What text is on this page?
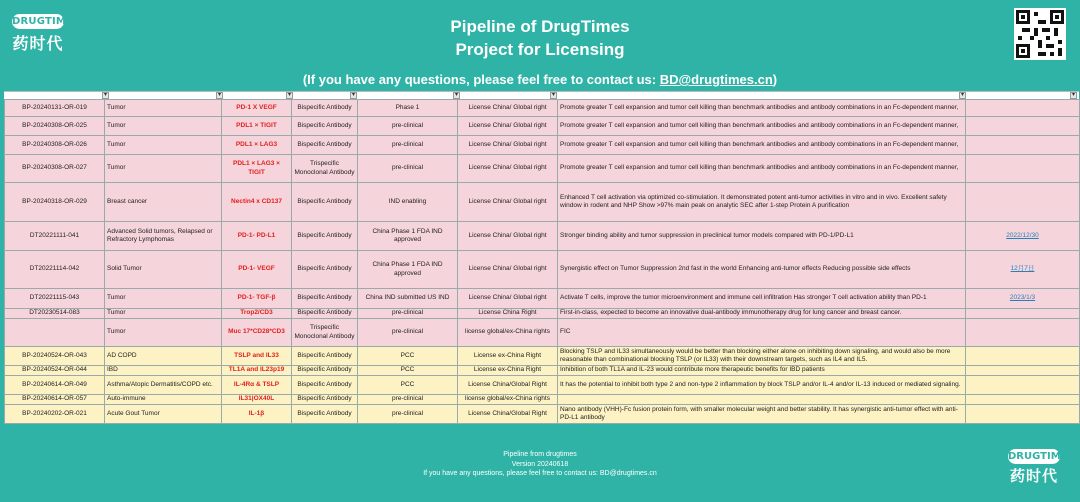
DRUGTIMES
药时代
Pipeline of DrugTimes
Project for Licensing
(If you have any questions, please feel free to contact us: BD@drugtimes.cn)
▾	▾	▾	▾	▾	▾	▾	▾
BP-20240131-OR-019	Tumor	PD-1 X VEGF	Bispecific Antibody	Phase 1	License China/ Global right	Promote greater T cell expansion and tumor cell killing than benchmark antibodies and antibody combinations in an Fc-dependent manner,	
BP-20240308-OR-025	Tumor	PDL1 × TIGIT	Bispecific Antibody	pre-clinical	License China/ Global right	Promote greater T cell expansion and tumor cell killing than benchmark antibodies and antibody combinations in an Fc-dependent manner,	
BP-20240308-OR-026	Tumor	PDL1 × LAG3	Bispecific Antibody	pre-clinical	License China/ Global right	Promote greater T cell expansion and tumor cell killing than benchmark antibodies and antibody combinations in an Fc-dependent manner,	
BP-20240308-OR-027	Tumor	PDL1 × LAG3 × TIGIT	Trispecific Monoclonal Antibody	pre-clinical	License China/ Global right	Promote greater T cell expansion and tumor cell killing than benchmark antibodies and antibody combinations in an Fc-dependent manner,	
BP-20240318-OR-029	Breast cancer	Nectin4 x CD137	Bispecific Antibody	IND enabling	License China/ Global right	Enhanced T cell activation via optimized co-stimulation. It demonstrated potent anti-tumor activities in vitro and in vivo. Excellent safety window in rodent and NHP Show >97% main peak on analytic SEC after 1-step Protein A purification	
DT20221111-041	Advanced Solid tumors, Relapsed or Refractory Lymphomas	PD-1- PD-L1	Bispecific Antibody	China Phase 1 FDA IND approved	License China/ Global right	Stronger binding ability and tumor suppression in preclinical tumor models compared with PD-1/PD-L1	2022/12/30
DT20221114-042	Solid Tumor	PD-1- VEGF	Bispecific Antibody	China Phase 1 FDA IND approved	License China/ Global right	Synergistic effect on Tumor Suppression 2nd fast in the world Enhancing anti-tumor effects Reducing possible side effects	12月7日
DT20221115-043	Tumor	PD-1- TGF-β	Bispecific Antibody	China IND submitted US IND	License China/ Global right	Activate T cells, improve the tumor microenvironment and immune cell infiltration Has stronger T cell activation ability than PD-1	2023/1/3
DT20230514-083	Tumor	Trop2/CD3	Bispecific Antibody	pre-clinical	License China Right	First-in-class, expected to become an innovative dual-antibody immunotherapy drug for lung cancer and breast cancer.	
	Tumor	Muc 17*CD28*CD3	Trispecific Monoclonal Antibody	pre-clinical	license global/ex-China rights	FIC	
BP-20240524-OR-043	AD COPD	TSLP and IL33	Bispecific Antibody	PCC	License ex-China Right	Blocking TSLP and IL33 simultaneously would be better than blocking either alone on inhibiting down signaling, and would also be more reasonable than combinational blocking TSLP (or IL33) with their downstream targets, such as IL4 and IL5.	
BP-20240524-OR-044	IBD	TL1A and IL23p19	Bispecific Antibody	PCC	License ex-China Right	Inhibition of both TL1A and IL-23 would contribute more therapeutic benefits for IBD patients	
BP-20240614-OR-049	Asthma/Atopic Dermatitis/COPD etc.	IL-4Rα & TSLP	Bispecific Antibody	PCC	License China/Global Right	It has the potential to inhibit both type 2 and non-type 2 inflammation by block TSLP and/or IL-4 and/or IL-13 induced or mediated signaling.	
BP-20240614-OR-057	Auto-immune	IL31|OX40L	Bispecific Antibody	pre-clinical	license global/ex-China rights		
BP-20240202-OR-021	Acute Gout Tumor	IL-1β	Bispecific Antibody	pre-clinical	License China/Global Right	Nano antibody (VHH)-Fc fusion protein form, with smaller molecular weight and better stability. It has synergistic anti-tumor effect with anti-PD-L1 antibody	
Pipeline from drugtimes
Version 20240618
If you have any questions, please feel free to contact us: BD@drugtimes.cn
DRUGTIMES
药时代
